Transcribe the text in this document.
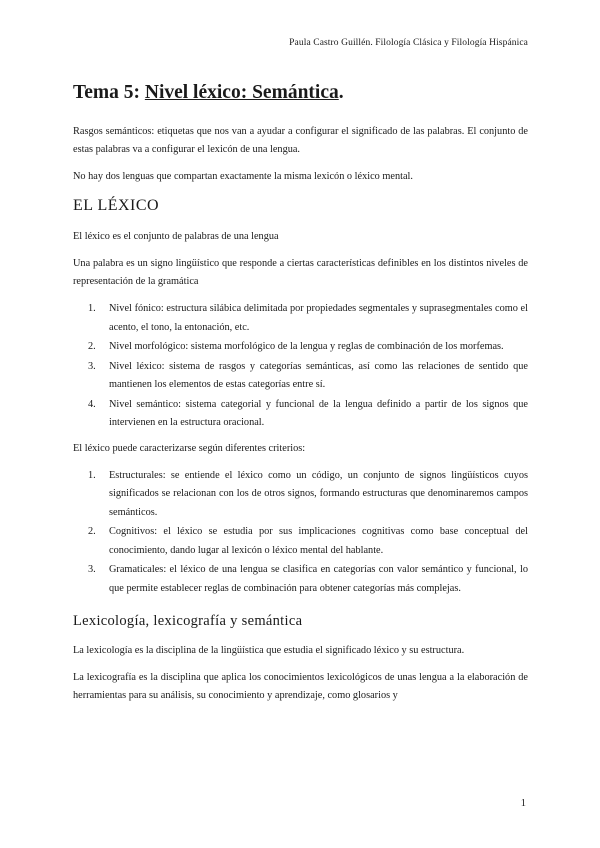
Paula Castro Guillén. Filología Clásica y Filología Hispánica
Tema 5: Nivel léxico: Semántica.

Rasgos semánticos: etiquetas que nos van a ayudar a configurar el significado de las palabras. El conjunto de estas palabras va a configurar el lexicón de una lengua.

No hay dos lenguas que compartan exactamente la misma lexicón o léxico mental.

EL LÉXICO

El léxico es el conjunto de palabras de una lengua

Una palabra es un signo lingüístico que responde a ciertas características definibles en los distintos niveles de representación de la gramática

1. Nivel fónico: estructura silábica delimitada por propiedades segmentales y suprasegmentales como el acento, el tono, la entonación, etc.
2. Nivel morfológico: sistema morfológico de la lengua y reglas de combinación de los morfemas.
3. Nivel léxico: sistema de rasgos y categorías semánticas, así como las relaciones de sentido que mantienen los elementos de estas categorías entre sí.
4. Nivel semántico: sistema categorial y funcional de la lengua definido a partir de los signos que intervienen en la estructura oracional.

El léxico puede caracterizarse según diferentes criterios:

1. Estructurales: se entiende el léxico como un código, un conjunto de signos lingüísticos cuyos significados se relacionan con los de otros signos, formando estructuras que denominaremos campos semánticos.
2. Cognitivos: el léxico se estudia por sus implicaciones cognitivas como base conceptual del conocimiento, dando lugar al lexicón o léxico mental del hablante.
3. Gramaticales: el léxico de una lengua se clasifica en categorías con valor semántico y funcional, lo que permite establecer reglas de combinación para obtener categorías más complejas.
Lexicología, lexicografía y semántica

La lexicología es la disciplina de la lingüística que estudia el significado léxico y su estructura.

La lexicografía es la disciplina que aplica los conocimientos lexicológicos de unas lengua a la elaboración de herramientas para su análisis, su conocimiento y aprendizaje, como glosarios y

1
